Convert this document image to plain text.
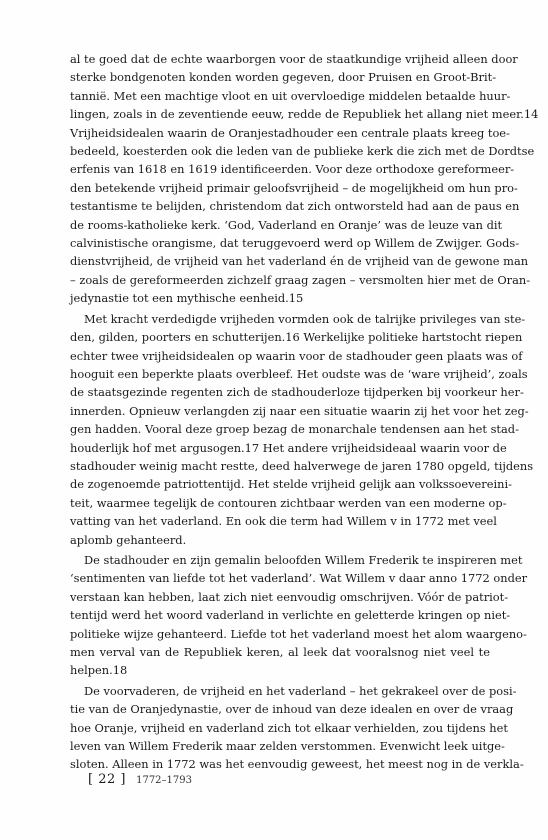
al te goed dat de echte waarborgen voor de staatkundige vrijheid alleen door
sterke bondgenoten konden worden gegeven, door Pruisen en Groot-Brit-
tannië. Met een machtige vloot en uit overvloedige middelen betaalde huur-
lingen, zoals in de zeventiende eeuw, redde de Republiek het allang niet meer.14
Vrijheidsidealen waarin de Oranjestadhouder een centrale plaats kreeg toe-
bedeeld, koesterden ook die leden van de publieke kerk die zich met de Dordtse
erfenis van 1618 en 1619 identificeerden. Voor deze orthodoxe gereformeer-
den betekende vrijheid primair geloofsvrijheid – de mogelijkheid om hun pro-
testantisme te belijden, christendom dat zich ontworsteld had aan de paus en
de rooms-katholieke kerk. ‘God, Vaderland en Oranje’ was de leuze van dit
calvinistische orangisme, dat teruggevoerd werd op Willem de Zwijger. Gods-
dienstvrijheid, de vrijheid van het vaderland én de vrijheid van de gewone man
– zoals de gereformeerden zichzelf graag zagen – versmolten hier met de Oran-
jedynastie tot een mythische eenheid.15
Met kracht verdedigde vrijheden vormden ook de talrijke privileges van ste-
den, gilden, poorters en schutterijen.16 Werkelijke politieke hartstocht riepen
echter twee vrijheidsidealen op waarin voor de stadhouder geen plaats was of
hooguit een beperkte plaats overbleef. Het oudste was de ‘ware vrijheid’, zoals
de staatsgezinde regenten zich de stadhouderloze tijdperken bij voorkeur her-
innerden. Opnieuw verlangden zij naar een situatie waarin zij het voor het zeg-
gen hadden. Vooral deze groep bezag de monarchale tendensen aan het stad-
houderlijk hof met argusogen.17 Het andere vrijheidsideaal waarin voor de
stadhouder weinig macht restte, deed halverwege de jaren 1780 opgeld, tijdens
de zogenoemde patriottentijd. Het stelde vrijheid gelijk aan volkssoevereini-
teit, waarmee tegelijk de contouren zichtbaar werden van een moderne op-
vatting van het vaderland. En ook die term had Willem v in 1772 met veel
aplomb gehanteerd.
De stadhouder en zijn gemalin beloofden Willem Frederik te inspireren met
‘sentimenten van liefde tot het vaderland’. Wat Willem v daar anno 1772 onder
verstaan kan hebben, laat zich niet eenvoudig omschrijven. Vóór de patriot-
tentijd werd het woord vaderland in verlichte en geletterde kringen op niet-
politieke wijze gehanteerd. Liefde tot het vaderland moest het alom waargeno-
men verval van de Republiek keren, al leek dat vooralsnog niet veel te
helpen.18
De voorvaderen, de vrijheid en het vaderland – het gekrakeel over de posi-
tie van de Oranjedynastie, over de inhoud van deze idealen en over de vraag
hoe Oranje, vrijheid en vaderland zich tot elkaar verhielden, zou tijdens het
leven van Willem Frederik maar zelden verstommen. Evenwicht leek uitge-
sloten. Alleen in 1772 was het eenvoudig geweest, het meest nog in de verkla-
[ 22 ] 1772–1793
